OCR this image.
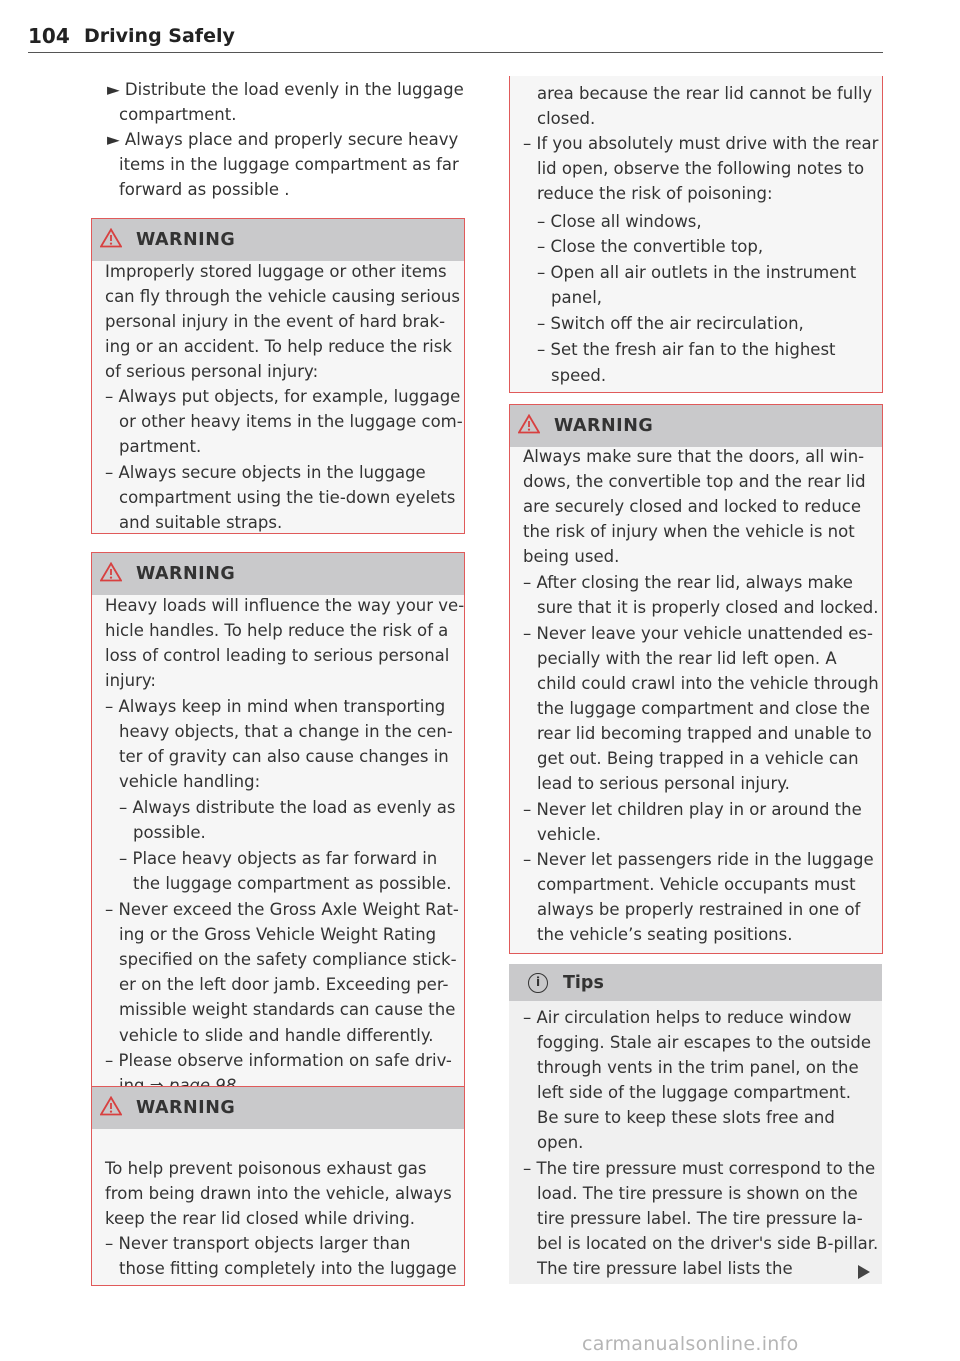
104 Driving Safely
► Distribute the load evenly in the luggage
compartment.
► Always place and properly secure heavy
items in the luggage compartment as far
forward as possible .
WARNING
Improperly stored luggage or other items
can fly through the vehicle causing serious
personal injury in the event of hard brak-
ing or an accident. To help reduce the risk
of serious personal injury:
– Always put objects, for example, luggage
or other heavy items in the luggage com-
partment.
– Always secure objects in the luggage
compartment using the tie-down eyelets
and suitable straps.
WARNING
Heavy loads will influence the way your ve-
hicle handles. To help reduce the risk of a
loss of control leading to serious personal
injury:
– Always keep in mind when transporting
heavy objects, that a change in the cen-
ter of gravity can also cause changes in
vehicle handling:
– Always distribute the load as evenly as
possible.
– Place heavy objects as far forward in
the luggage compartment as possible.
– Never exceed the Gross Axle Weight Rat-
ing or the Gross Vehicle Weight Rating
specified on the safety compliance stick-
er on the left door jamb. Exceeding per-
missible weight standards can cause the
vehicle to slide and handle differently.
– Please observe information on safe driv-
WARNING
To help prevent poisonous exhaust gas
from being drawn into the vehicle, always
keep the rear lid closed while driving.
– Never transport objects larger than
those fitting completely into the luggage
area because the rear lid cannot be fully
closed.
– If you absolutely must drive with the rear
lid open, observe the following notes to
reduce the risk of poisoning:
– Close all windows,
– Close the convertible top,
– Open all air outlets in the instrument
panel,
– Switch off the air recirculation,
– Set the fresh air fan to the highest
speed.
WARNING
Always make sure that the doors, all win-
dows, the convertible top and the rear lid
are securely closed and locked to reduce
the risk of injury when the vehicle is not
being used.
– After closing the rear lid, always make
sure that it is properly closed and locked.
– Never leave your vehicle unattended es-
pecially with the rear lid left open. A
child could crawl into the vehicle through
the luggage compartment and close the
rear lid becoming trapped and unable to
get out. Being trapped in a vehicle can
lead to serious personal injury.
– Never let children play in or around the
vehicle.
– Never let passengers ride in the luggage
compartment. Vehicle occupants must
always be properly restrained in one of
the vehicle’s seating positions.
i	Tips
– Air circulation helps to reduce window
fogging. Stale air escapes to the outside
through vents in the trim panel, on the
left side of the luggage compartment.
Be sure to keep these slots free and
open.
– The tire pressure must correspond to the
load. The tire pressure is shown on the
tire pressure label. The tire pressure la-
bel is located on the driver's side B-pillar.
The tire pressure label lists the
carmanualsonline.info
